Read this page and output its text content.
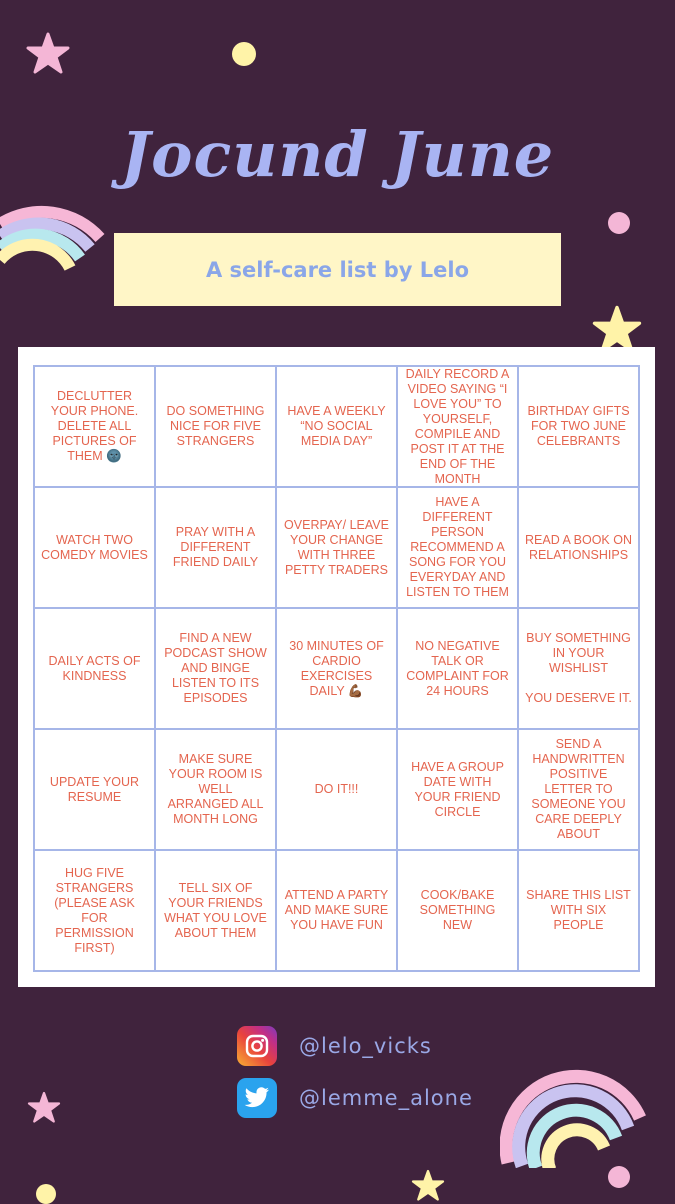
Jocund June
A self-care list by Lelo
DECLUTTER YOUR PHONE.
DELETE ALL PICTURES OF THEM 🌚
DO SOMETHING NICE FOR FIVE STRANGERS
HAVE A WEEKLY “NO SOCIAL MEDIA DAY”
DAILY RECORD A VIDEO SAYING “I LOVE YOU” TO YOURSELF, COMPILE AND POST IT AT THE END OF THE MONTH
BIRTHDAY GIFTS FOR TWO JUNE CELEBRANTS
WATCH TWO COMEDY MOVIES
PRAY WITH A DIFFERENT FRIEND DAILY
OVERPAY/ LEAVE YOUR CHANGE WITH THREE PETTY TRADERS
HAVE A DIFFERENT PERSON RECOMMEND A SONG FOR YOU EVERYDAY AND LISTEN TO THEM
READ A BOOK ON RELATIONSHIPS
DAILY ACTS OF KINDNESS
FIND A NEW PODCAST SHOW AND BINGE LISTEN TO ITS EPISODES
30 MINUTES OF CARDIO EXERCISES DAILY 💪🏾
NO NEGATIVE TALK OR COMPLAINT FOR 24 HOURS
BUY SOMETHING IN YOUR WISHLIST

YOU DESERVE IT.
UPDATE YOUR RESUME
MAKE SURE YOUR ROOM IS WELL ARRANGED ALL MONTH LONG
DO IT!!!
HAVE A GROUP DATE WITH YOUR FRIEND CIRCLE
SEND A HANDWRITTEN POSITIVE LETTER TO SOMEONE YOU CARE DEEPLY ABOUT
HUG FIVE STRANGERS (PLEASE ASK FOR PERMISSION FIRST)
TELL SIX OF YOUR FRIENDS WHAT YOU LOVE ABOUT THEM
ATTEND A PARTY AND MAKE SURE YOU HAVE FUN
COOK/BAKE SOMETHING NEW
SHARE THIS LIST WITH SIX PEOPLE
@lelo_vicks
@lemme_alone
